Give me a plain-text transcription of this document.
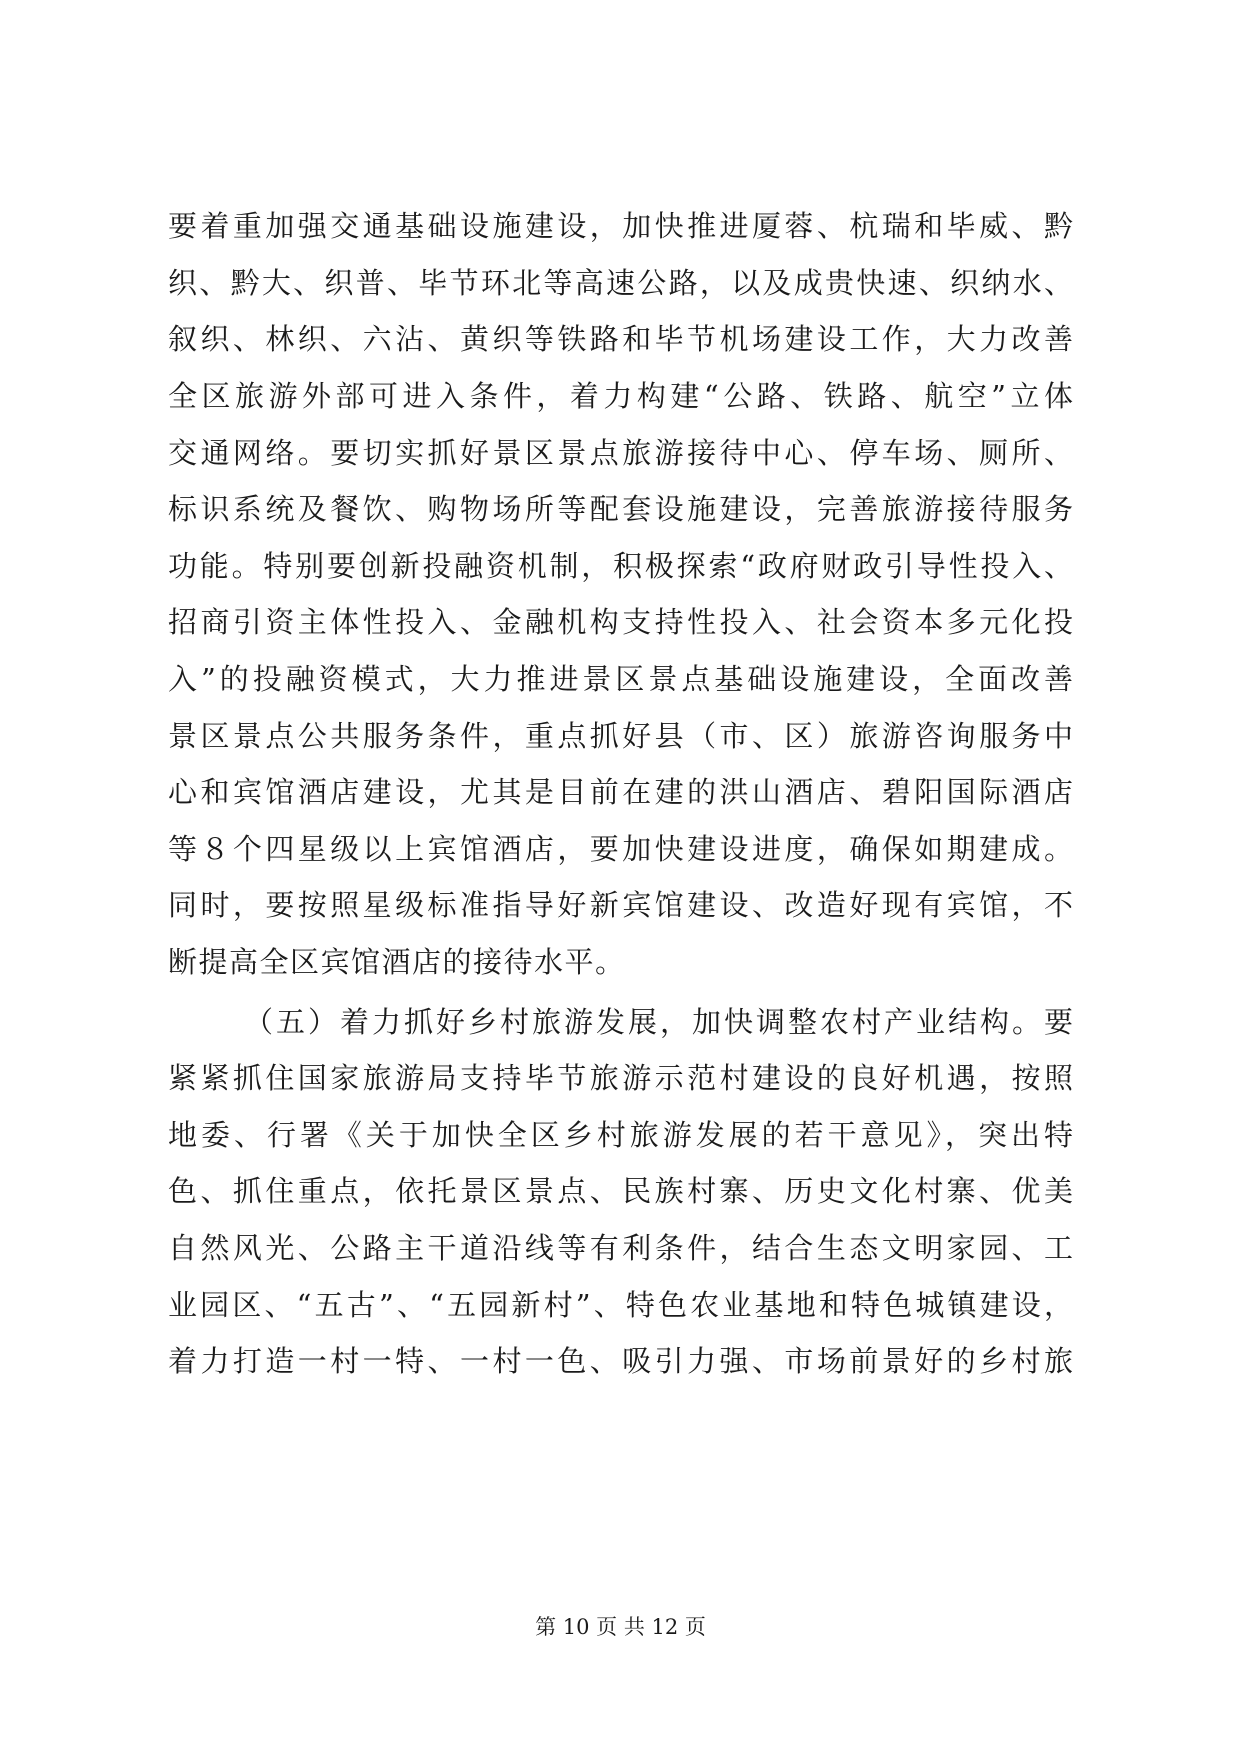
要着重加强交通基础设施建设，加快推进厦蓉、杭瑞和毕威、黔
织、黔大、织普、毕节环北等高速公路，以及成贵快速、织纳水、
叙织、林织、六沾、黄织等铁路和毕节机场建设工作，大力改善
全区旅游外部可进入条件，着力构建“公路、铁路、航空”立体
交通网络。要切实抓好景区景点旅游接待中心、停车场、厕所、
标识系统及餐饮、购物场所等配套设施建设，完善旅游接待服务
功能。特别要创新投融资机制，积极探索“政府财政引导性投入、
招商引资主体性投入、金融机构支持性投入、社会资本多元化投
入”的投融资模式，大力推进景区景点基础设施建设，全面改善
景区景点公共服务条件，重点抓好县（市、区）旅游咨询服务中
心和宾馆酒店建设，尤其是目前在建的洪山酒店、碧阳国际酒店
等８个四星级以上宾馆酒店，要加快建设进度，确保如期建成。
同时，要按照星级标准指导好新宾馆建设、改造好现有宾馆，不
断提高全区宾馆酒店的接待水平。
（五）着力抓好乡村旅游发展，加快调整农村产业结构。要
紧紧抓住国家旅游局支持毕节旅游示范村建设的良好机遇，按照
地委、行署《关于加快全区乡村旅游发展的若干意见》，突出特
色、抓住重点，依托景区景点、民族村寨、历史文化村寨、优美
自然风光、公路主干道沿线等有利条件，结合生态文明家园、工
业园区、“五古”、“五园新村”、特色农业基地和特色城镇建设，
着力打造一村一特、一村一色、吸引力强、市场前景好的乡村旅
第 10 页 共 12 页
